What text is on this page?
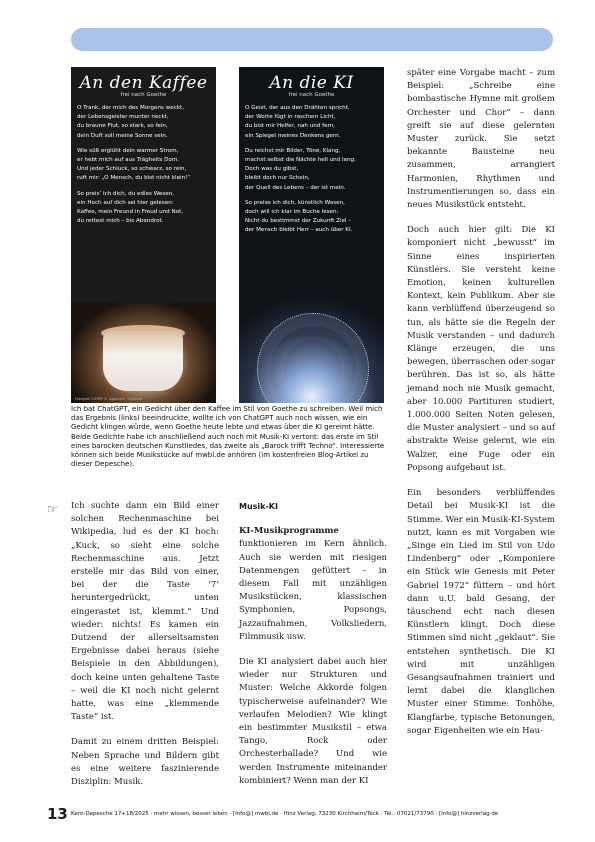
An den Kaffee
frei nach Goethe
O Trank, der mich des Morgens weckt,
der Lebensgeister munter neckt,
du braune Flut, so stark, so fein,
dein Duft soll meine Sonne sein.
Wie süß erglüht dein warmer Strom,
er hebt mich auf aus Trägheits Dom.
Und jeder Schluck, so schwarz, so rein,
ruft mir: „O Mensch, du bist nicht klein!“
So preis’ ich dich, du edles Wesen,
ein Hoch auf dich sei hier gelesen:
Kaffee, mein Freund in Freud und Not,
du rettest mich – bis Abendrot.
Fotograf: 123RF © pugunchi, Thailand
An die KI
frei nach Goethe
O Geist, der aus den Drähten spricht,
der Worte fügt in raschem Licht,
du bist mir Helfer, nah und fern,
ein Spiegel meines Denkens gern.
Du reichst mir Bilder, Töne, Klang,
machst selbst die Nächte hell und lang.
Doch was du gibst,
bleibt doch nur Schein,
der Quell des Lebens – der ist mein.
So preise ich dich, künstlich Wesen,
doch will ich klar im Buche lesen:
Nicht du bestimmst der Zukunft Ziel –
der Mensch bleibt Herr – auch über KI.
Ich bat ChatGPT, ein Gedicht über den Kaffee im Stil von Goethe zu schreiben. Weil mich das Ergebnis (links) beeindruckte, wollte ich von ChatGPT auch noch wissen, wie ein Gedicht klingen würde, wenn Goethe heute lebte und etwas über die KI gereimt hätte. Beide Gedichte habe ich anschließend auch noch mit Musik-KI vertont: das erste im Stil eines barocken deutschen Kunstliedes, das zweite als „Barock trifft Techno“. Interessierte können sich beide Musikstücke auf mwbl.de anhören (im kostenfreien Blog-Artikel zu dieser Depesche).

später eine Vorgabe macht – zum Beispiel: „Schreibe eine bombastische Hymne mit großem Orchester und Chor“ – dann greift sie auf diese gelernten Muster zurück. Sie setzt bekannte Bausteine neu zusammen, arrangiert Harmonien, Rhythmen und Instrumentierungen so, dass ein neues Musikstück entsteht.

Doch auch hier gilt: Die KI komponiert nicht „bewusst“ im Sinne eines inspirierten Künstlers. Sie versteht keine Emotion, keinen kulturellen Kontext, kein Publikum. Aber sie kann verblüffend überzeugend so tun, als hätte sie die Regeln der Musik verstanden – und dadurch Klänge erzeugen, die uns bewegen, überraschen oder sogar berühren. Das ist so, als hätte jemand noch nie Musik gemacht, aber 10.000 Partituren studiert, 1.000.000 Seiten Noten gelesen, die Muster analysiert – und so auf abstrakte Weise gelernt, wie ein Walzer, eine Fuge oder ein Popsong aufgebaut ist.

Ein besonders verblüffendes Detail bei Musik-KI ist die Stimme. Wer ein Musik-KI-System nutzt, kann es mit Vorgaben wie „Singe ein Lied im Stil von Udo Lindenberg“ oder „Komponiere ein Stück wie Genesis mit Peter Gabriel 1972“ füttern – und hört dann u.U. bald Gesang, der täuschend echt nach diesen Künstlern klingt. Doch diese Stimmen sind nicht „geklaut“. Sie entstehen synthetisch. Die KI wird mit unzähligen Gesangsaufnahmen trainiert und lernt dabei die klanglichen Muster einer Stimme: Tonhöhe, Klangfarbe, typische Betonungen, sogar Eigenheiten wie ein Hau-

☞ Ich suchte dann ein Bild einer solchen Rechenmaschine bei Wikipedia, lud es der KI hoch: „Kuck, so sieht eine solche Rechenmaschine aus. Jetzt erstelle mir das Bild von einer, bei der die Taste ‘7’ heruntergedrückt, unten eingerastet ist, klemmt.“ Und wieder: nichts! Es kamen ein Dutzend der allerseltsamsten Ergebnisse dabei heraus (siehe Beispiele in den Abbildungen), doch keine unten gehaltene Taste – weil die KI noch nicht gelernt hatte, was eine „klemmende Taste“ ist.

Damit zu einem dritten Beispiel: Neben Sprache und Bildern gibt es eine weitere faszinierende Disziplin: Musik.

Musik-KI

KI-Musikprogramme funktionieren im Kern ähnlich. Auch sie werden mit riesigen Datenmengen gefüttert – in diesem Fall mit unzähligen Musikstücken, klassischen Symphonien, Popsongs, Jazzaufnahmen, Volksliedern, Filmmusik usw.

Die KI analysiert dabei auch hier wieder nur Strukturen und Muster: Welche Akkorde folgen typischerweise aufeinander? Wie verlaufen Melodien? Wie klingt ein bestimmter Musikstil – etwa Tango, Rock oder Orchesterballade? Und wie werden Instrumente miteinander kombiniert? Wenn man der KI

13 Kent-Depesche 17+18/2025 · mehr wissen, besser leben · [Info@] mwbl.de · Hinz Verlag, 73230 Kirchheim/Teck · Tel.: 07021/73790 · [Info@] hinzverlag.de
